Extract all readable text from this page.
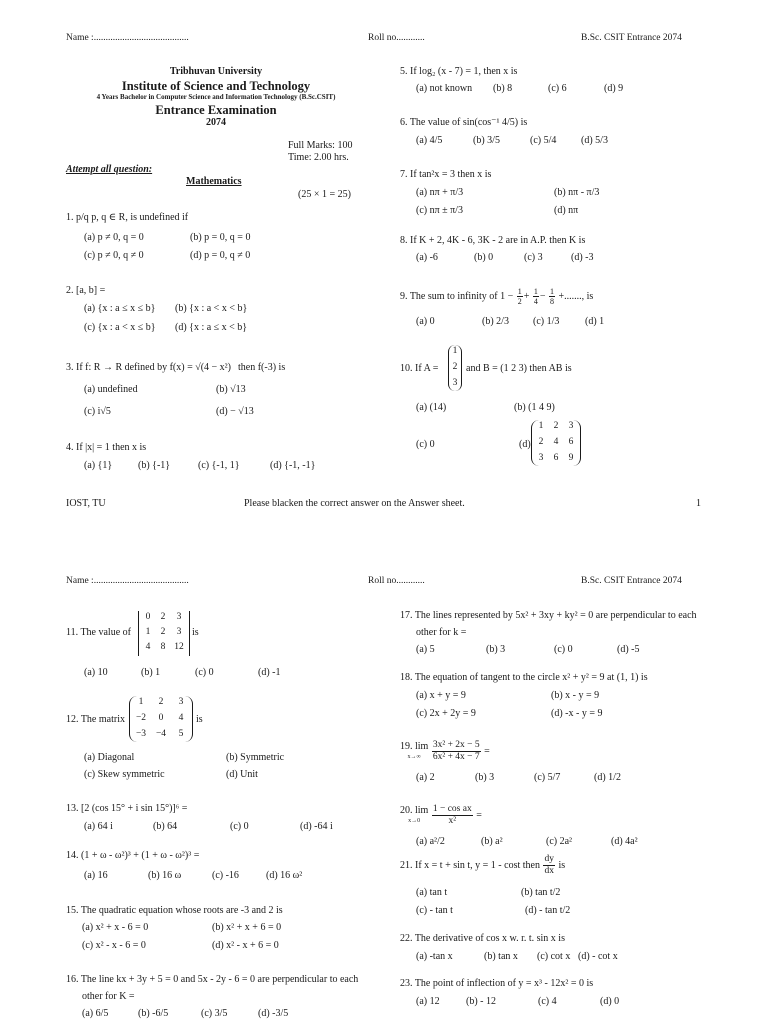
Name :........................................	Roll no............	B.Sc. CSIT Entrance 2074
Tribhuvan University
Institute of Science and Technology
4 Years Bachelor in Computer Science and Information Technology (B.Sc.CSIT)
Entrance Examination
2074
Full Marks: 100
Time: 2.00 hrs.
Attempt all question:
Mathematics
(25 × 1 = 25)
1. p/q p, q ∈ R, is undefined if
(a) p ≠ 0, q = 0	(b) p = 0, q = 0
(c) p ≠ 0, q ≠ 0	(d) p = 0, q ≠ 0
2. [a, b] =
(a) {x : a ≤ x ≤ b} (b) {x : a < x < b}
(c) {x : a < x ≤ b} (d) {x : a ≤ x < b}
3. If f: R → R defined by f(x) = √(4 − x²) then f(-3) is
(a) undefined	(b) √13
(c) i√5	(d) − √13
4. If |x| = 1 then x is
(a) {1}	(b) {-1}	(c) {-1, 1}	(d) {-1, -1}
5. If log₂ (x - 7) = 1, then x is
(a) not known (b) 8	(c) 6	(d) 9
6. The value of sin(cos⁻¹ 4/5) is
(a) 4/5	(b) 3/5	(c) 5/4 (d) 5/3
7. If tan²x = 3 then x is
(a) nπ + π/3	(b) nπ - π/3
(c) nπ ± π/3	(d) nπ
8. If K + 2, 4K - 6, 3K - 2 are in A.P. then K is
(a) -6	(b) 0	(c) 3	(d) -3
9. The sum to infinity of $1 - \frac{1}{2} + \frac{1}{4} - \frac{1}{8}$ +......., is
(a) 0	(b) 2/3 (c) 1/3	(d) 1
10. If A =
1
2
3
and B = (1 2 3) then AB is
(a) (14)	(b) (1 4 9)
(c) 0	(d)
1	2	3
2	4	6
3	6	9
IOST, TU	Please blacken the correct answer on the Answer sheet.	1
Name :........................................	Roll no............	B.Sc. CSIT Entrance 2074
11. The value of
0	2	3
1	2	3
4	8 12
is
(a) 10	(b) 1	(c) 0	(d) -1
12. The matrix
1	2	3
−2	0	4
−3	−4	5
is
(a) Diagonal	(b) Symmetric
(c) Skew symmetric	(d) Unit
13. [2 (cos 15° + i sin 15°)]⁶ =
(a) 64 i	(b) 64	(c) 0	(d) -64 i
14. (1 + ω - ω²)³ + (1 + ω - ω²)³ =
(a) 16	(b) 16 ω	(c) -16	(d) 16 ω²
15. The quadratic equation whose roots are -3 and 2 is
(a) x² + x - 6 = 0	(b) x² + x + 6 = 0
(c) x² - x - 6 = 0	(d) x² - x + 6 = 0
16. The line kx + 3y + 5 = 0 and 5x - 2y - 6 = 0 are perpendicular to each
other for K =
(a) 6/5	(b) -6/5	(c) 3/5	(d) -3/5
17. The lines represented by 5x² + 3xy + ky² = 0 are perpendicular to each
other for k =
(a) 5	(b) 3	(c) 0	(d) -5
18. The equation of tangent to the circle x² + y² = 9 at (1, 1) is
(a) x + y = 9	(b) x - y = 9
(c) 2x + 2y = 9	(d) -x - y = 9
19. lim
x→∞
	$\frac{\text{3x² + 2x − 5}}{\text{6x² + 4x − 7}}$ =
(a) 2	(b) 3	(c) 5/7	(d) 1/2
20. lim
x→0
	$\frac{\text{1 − cos ax}}{\text{x²}}$ =
(a) a²/2	(b) a²	(c) 2a²	(d) 4a²
21. If x = t + sin t, y = 1 - cost then $\frac{dy}{dx}$ is
(a) tan t	(b) tan t/2
(c) - tan t	(d) - tan t/2
22. The derivative of cos x w. r. t. sin x is
(a) -tan x	(b) tan x (c) cot x (d) - cot x
23. The point of inflection of y = x³ - 12x² = 0 is
(a) 12	(b) - 12	(c) 4	(d) 0
